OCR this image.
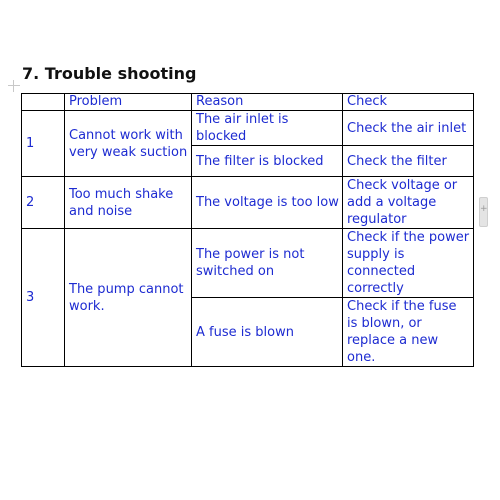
7. Trouble shooting
+
	Problem	Reason	Check
1	Cannot work with very weak suction	The air inlet is blocked	Check the air inlet
		The filter is blocked	Check the filter
2	Too much shake and noise	The voltage is too low	Check voltage or add a voltage regulator
3	The pump cannot work.	The power is not switched on	Check if the power supply is connected correctly
		A fuse is blown	Check if the fuse is blown, or replace a new one.
